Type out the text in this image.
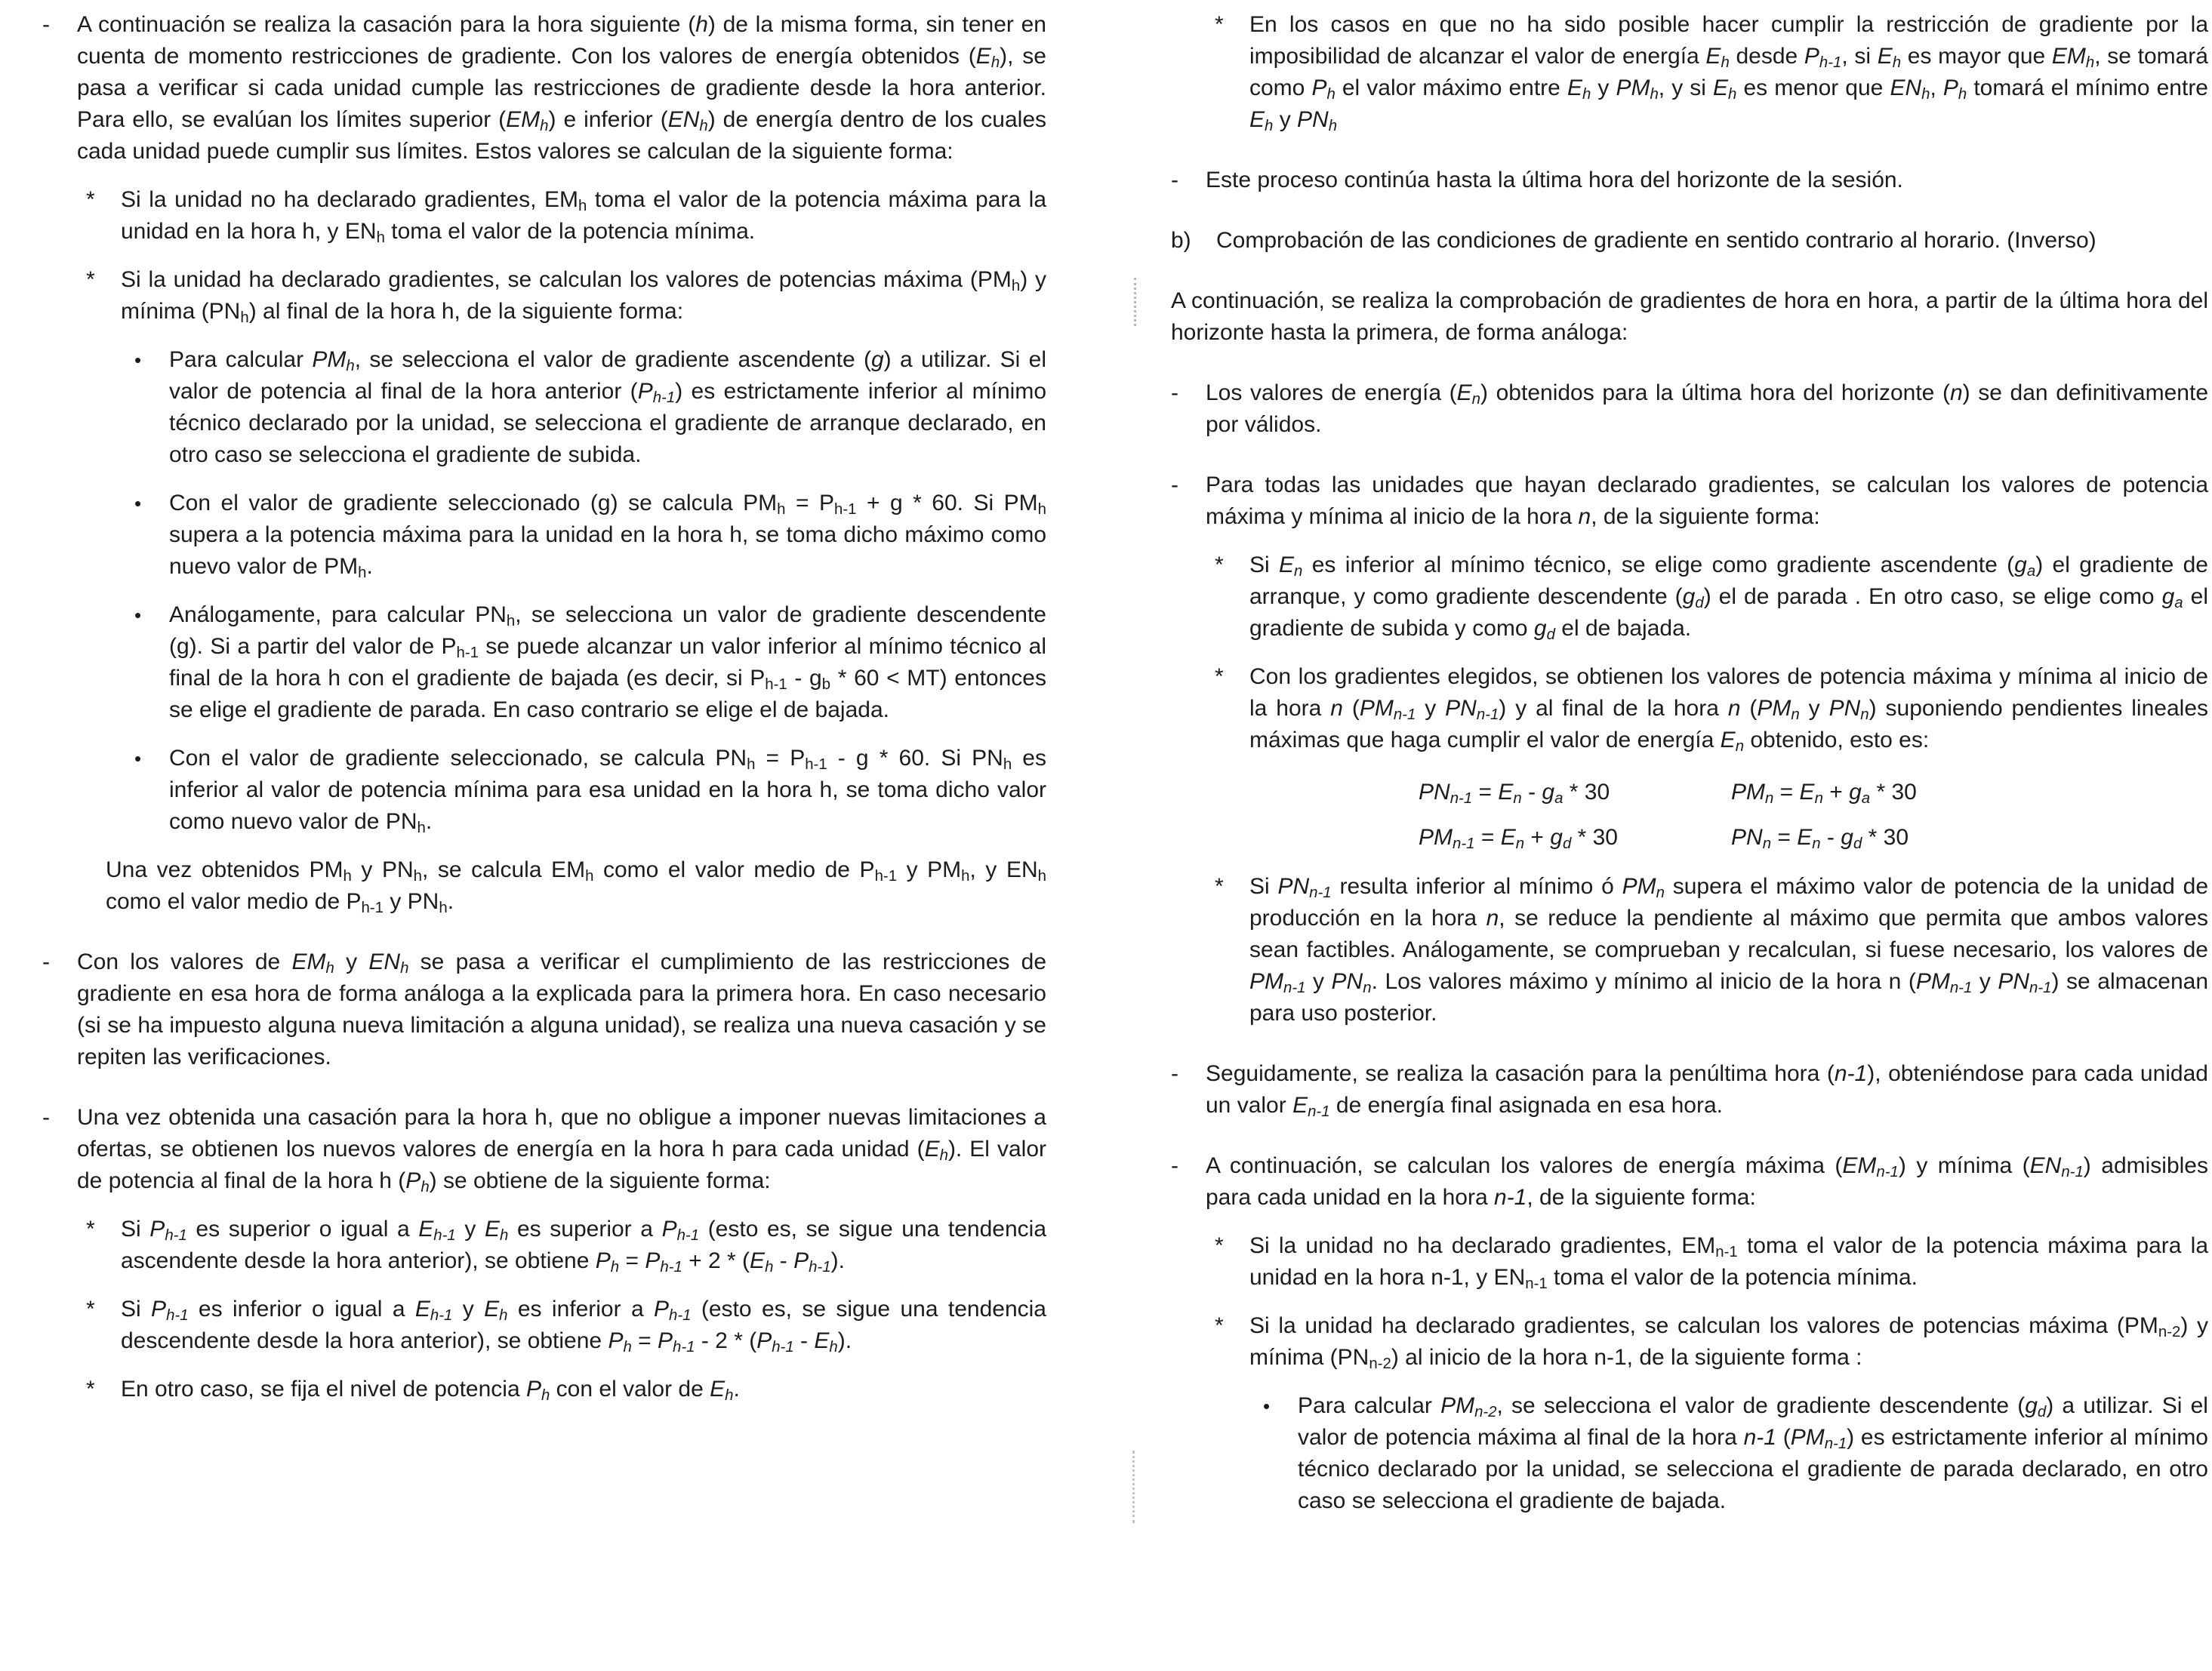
-	A continuación se realiza la casación para la hora siguiente (h) de la misma forma, sin tener en cuenta de momento restricciones de gradiente. Con los valores de energía obtenidos $(E_h)$, se pasa a verificar si cada unidad cumple las restricciones de gradiente desde la hora anterior. Para ello, se evalúan los límites superior $(EM_h)$ e inferior $(EN_h)$ de energía dentro de los cuales cada unidad puede cumplir sus límites. Estos valores se calculan de la siguiente forma:
*	Si la unidad no ha declarado gradientes, $EM_h$ toma el valor de la potencia máxima para la unidad en la hora h, y $EN_h$ toma el valor de la potencia mínima.
*	Si la unidad ha declarado gradientes, se calculan los valores de potencias máxima $(PM_h)$ y mínima $(PN_h)$ al final de la hora h, de la siguiente forma:
•	Para calcular $PM_h$, se selecciona el valor de gradiente ascendente (g) a utilizar. Si el valor de potencia al final de la hora anterior $(P_{h-1})$ es estrictamente inferior al mínimo técnico declarado por la unidad, se selecciona el gradiente de arranque declarado, en otro caso se selecciona el gradiente de subida.
•	Con el valor de gradiente seleccionado (g) se calcula $PM_h = P_{h-1} + g * 60$. Si $PM_h$ supera a la potencia máxima para la unidad en la hora h, se toma dicho máximo como nuevo valor de $PM_h$.
•	Análogamente, para calcular $PN_h$, se selecciona un valor de gradiente descendente (g). Si a partir del valor de $P_{h-1}$ se puede alcanzar un valor inferior al mínimo técnico al final de la hora h con el gradiente de bajada (es decir, si $P_{h-1} - g_b * 60 < MT$) entonces se elige el gradiente de parada. En caso contrario se elige el de bajada.
•	Con el valor de gradiente seleccionado, se calcula $PN_h = P_{h-1} - g * 60$. Si $PN_h$ es inferior al valor de potencia mínima para esa unidad en la hora h, se toma dicho valor como nuevo valor de $PN_h$.
Una vez obtenidos $PM_h$ y $PN_h$, se calcula $EM_h$ como el valor medio de $P_{h-1}$ y $PM_h$, y $EN_h$ como el valor medio de $P_{h-1}$ y $PN_h$.
-	Con los valores de $EM_h$ y $EN_h$ se pasa a verificar el cumplimiento de las restricciones de gradiente en esa hora de forma análoga a la explicada para la primera hora. En caso necesario (si se ha impuesto alguna nueva limitación a alguna unidad), se realiza una nueva casación y se repiten las verificaciones.
-	Una vez obtenida una casación para la hora h, que no obligue a imponer nuevas limitaciones a ofertas, se obtienen los nuevos valores de energía en la hora h para cada unidad $(E_h)$. El valor de potencia al final de la hora h $(P_h)$ se obtiene de la siguiente forma:
*	Si $P_{h-1}$ es superior o igual a $E_{h-1}$ y $E_h$ es superior a $P_{h-1}$ (esto es, se sigue una tendencia ascendente desde la hora anterior), se obtiene $P_h = P_{h-1} + 2 * (E_h - P_{h-1})$.
*	Si $P_{h-1}$ es inferior o igual a $E_{h-1}$ y $E_h$ es inferior a $P_{h-1}$ (esto es, se sigue una tendencia descendente desde la hora anterior), se obtiene $P_h = P_{h-1} - 2 * (P_{h-1} - E_h)$.
*	En otro caso, se fija el nivel de potencia $P_h$ con el valor de $E_h$.
*	En los casos en que no ha sido posible hacer cumplir la restricción de gradiente por la imposibilidad de alcanzar el valor de energía $E_h$ desde $P_{h-1}$, si $E_h$ es mayor que $EM_h$, se tomará como $P_h$ el valor máximo entre $E_h$ y $PM_h$, y si $E_h$ es menor que $EN_h$, $P_h$ tomará el mínimo entre $E_h$ y $PN_h$
-	Este proceso continúa hasta la última hora del horizonte de la sesión.
b)	Comprobación de las condiciones de gradiente en sentido contrario al horario. (Inverso)
A continuación, se realiza la comprobación de gradientes de hora en hora, a partir de la última hora del horizonte hasta la primera, de forma análoga:
-	Los valores de energía $(E_n)$ obtenidos para la última hora del horizonte (n) se dan definitivamente por válidos.
-	Para todas las unidades que hayan declarado gradientes, se calculan los valores de potencia máxima y mínima al inicio de la hora n, de la siguiente forma:
*	Si $E_n$ es inferior al mínimo técnico, se elige como gradiente ascendente $(g_a)$ el gradiente de arranque, y como gradiente descendente $(g_d)$ el de parada . En otro caso, se elige como $g_a$ el gradiente de subida y como $g_d$ el de bajada.
*	Con los gradientes elegidos, se obtienen los valores de potencia máxima y mínima al inicio de la hora n ($PM_{n-1}$ y $PN_{n-1}$) y al final de la hora n ($PM_n$ y $PN_n$) suponiendo pendientes lineales máximas que haga cumplir el valor de energía $E_n$ obtenido, esto es:
$PN_{n-1} = E_n - g_a * 30$	$PM_n = E_n + g_a * 30$
$PM_{n-1} = E_n + g_d * 30$	$PN_n = E_n - g_d * 30$
*	Si $PN_{n-1}$ resulta inferior al mínimo ó $PM_n$ supera el máximo valor de potencia de la unidad de producción en la hora n, se reduce la pendiente al máximo que permita que ambos valores sean factibles. Análogamente, se comprueban y recalculan, si fuese necesario, los valores de $PM_{n-1}$ y $PN_n$. Los valores máximo y mínimo al inicio de la hora n ($PM_{n-1}$ y $PN_{n-1}$) se almacenan para uso posterior.
-	Seguidamente, se realiza la casación para la penúltima hora (n-1), obteniéndose para cada unidad un valor $E_{n-1}$ de energía final asignada en esa hora.
-	A continuación, se calculan los valores de energía máxima $(EM_{n-1})$ y mínima $(EN_{n-1})$ admisibles para cada unidad en la hora n-1, de la siguiente forma:
*	Si la unidad no ha declarado gradientes, $EM_{n-1}$ toma el valor de la potencia máxima para la unidad en la hora n-1, y $EN_{n-1}$ toma el valor de la potencia mínima.
*	Si la unidad ha declarado gradientes, se calculan los valores de potencias máxima $(PM_{n-2})$ y mínima $(PN_{n-2})$ al inicio de la hora n-1, de la siguiente forma :
•	Para calcular $PM_{n-2}$, se selecciona el valor de gradiente descendente $(g_d)$ a utilizar. Si el valor de potencia máxima al final de la hora n-1 $(PM_{n-1})$ es estrictamente inferior al mínimo técnico declarado por la unidad, se selecciona el gradiente de parada declarado, en otro caso se selecciona el gradiente de bajada.
